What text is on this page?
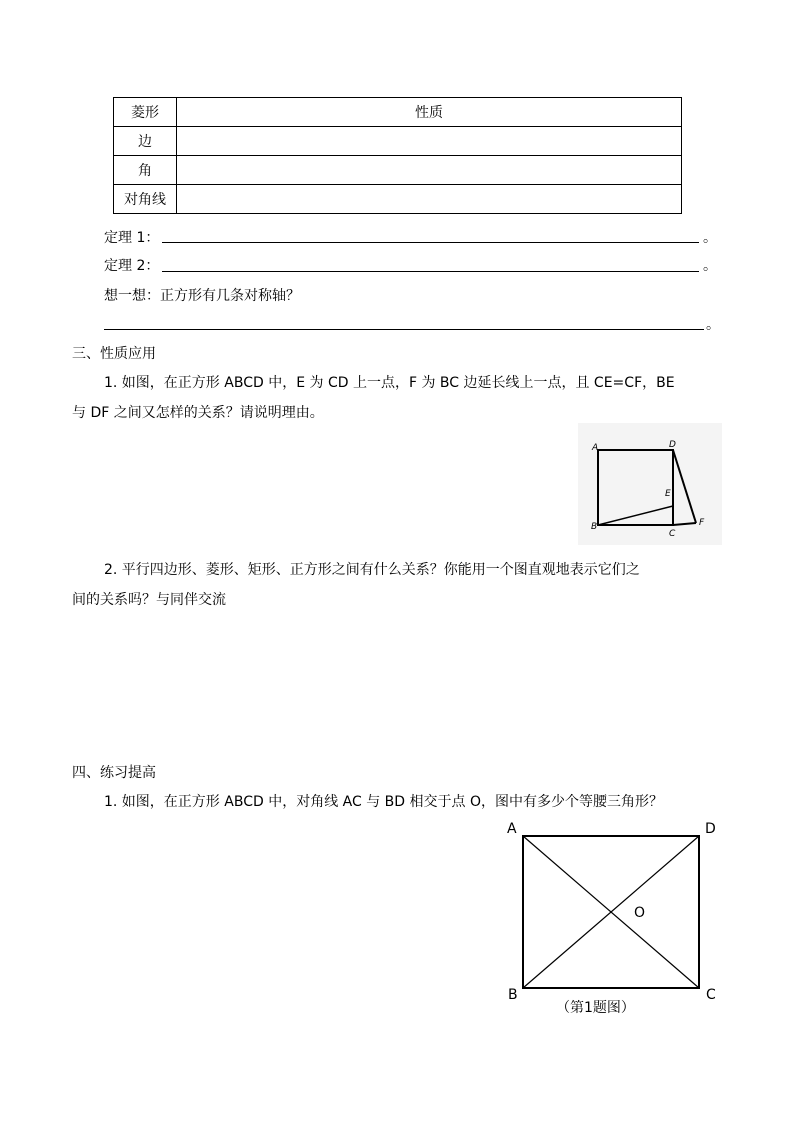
菱形	性质
边	
角	
对角线	
定理 1：	。
定理 2：	。
想一想：正方形有几条对称轴？
。
三、性质应用
1. 如图，在正方形 ABCD 中，E 为 CD 上一点，F 为 BC 边延长线上一点，且 CE=CF，BE
与 DF 之间又怎样的关系？请说明理由。
A	D
E
B
C
F
2. 平行四边形、菱形、矩形、正方形之间有什么关系？你能用一个图直观地表示它们之
间的关系吗？与同伴交流
四、练习提高
1. 如图，在正方形 ABCD 中，对角线 AC 与 BD 相交于点 O，图中有多少个等腰三角形？
A	D
O
B	C
（第1题图）
